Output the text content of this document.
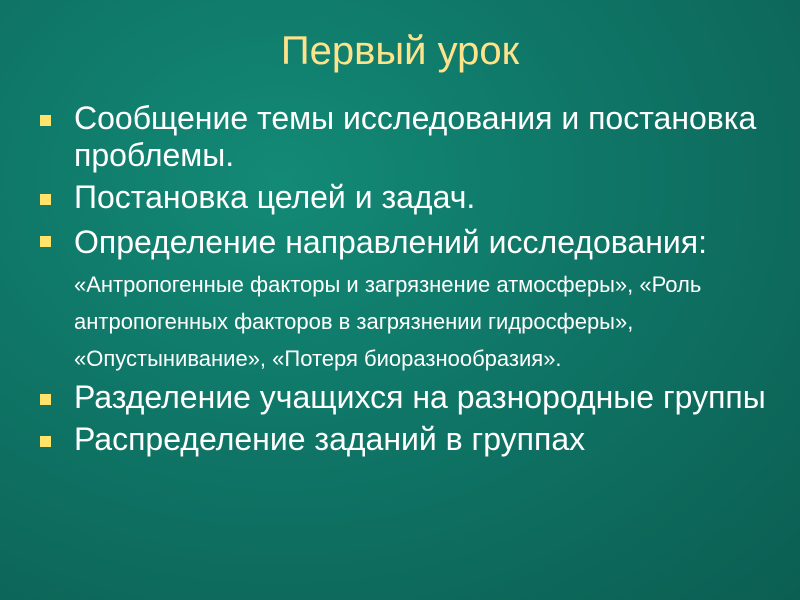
Первый урок
Сообщение темы исследования и постановка проблемы.
Постановка целей и задач.
Определение направлений исследования: «Антропогенные факторы и загрязнение атмосферы», «Роль антропогенных факторов в загрязнении гидросферы», «Опустынивание», «Потеря биоразнообразия».
Разделение учащихся на разнородные группы
Распределение заданий в группах
